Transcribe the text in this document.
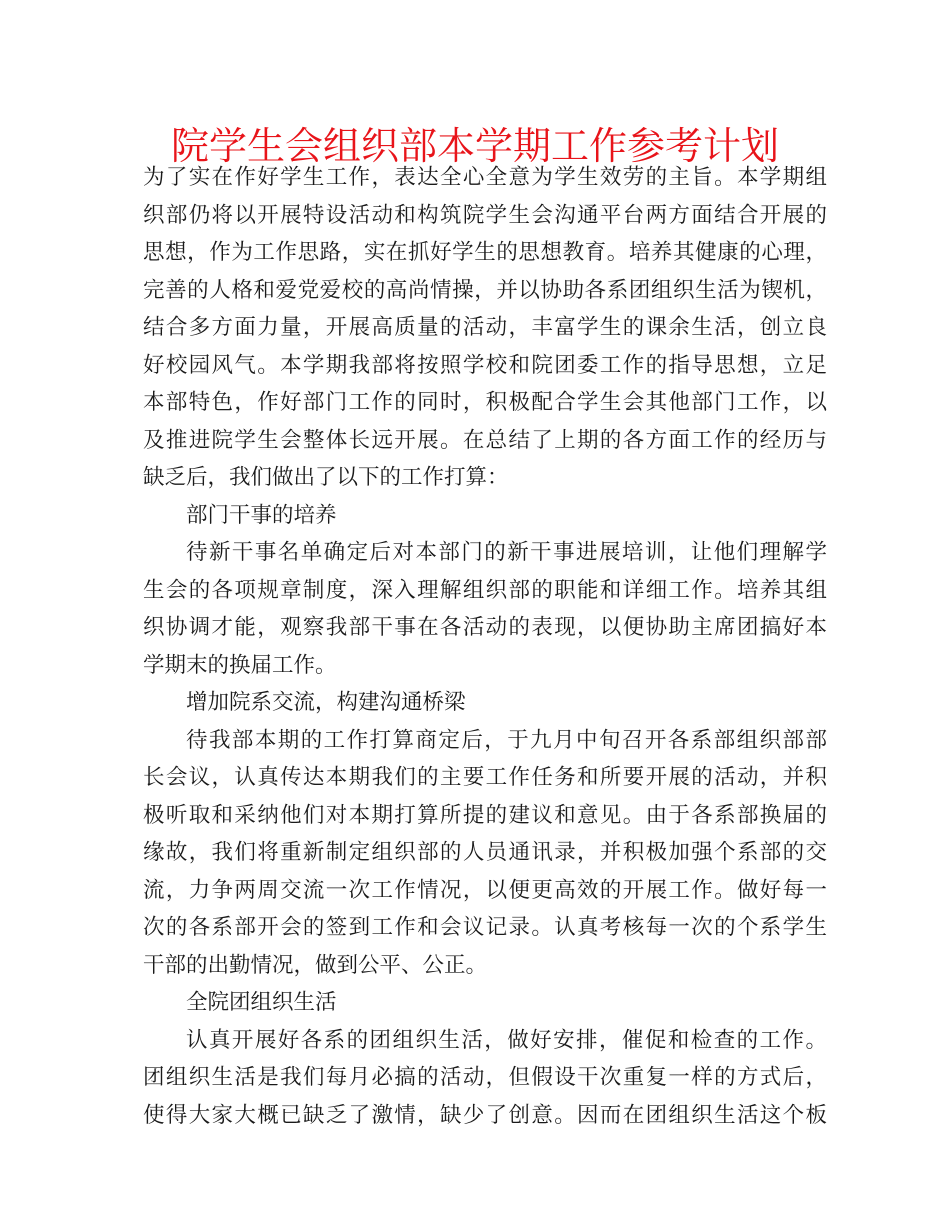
院学生会组织部本学期工作参考计划
为了实在作好学生工作，表达全心全意为学生效劳的主旨。本学期组
织部仍将以开展特设活动和构筑院学生会沟通平台两方面结合开展的
思想，作为工作思路，实在抓好学生的思想教育。培养其健康的心理，
完善的人格和爱党爱校的高尚情操，并以协助各系团组织生活为锲机，
结合多方面力量，开展高质量的活动，丰富学生的课余生活，创立良
好校园风气。本学期我部将按照学校和院团委工作的指导思想，立足
本部特色，作好部门工作的同时，积极配合学生会其他部门工作，以
及推进院学生会整体长远开展。在总结了上期的各方面工作的经历与
缺乏后，我们做出了以下的工作打算：
部门干事的培养
待新干事名单确定后对本部门的新干事进展培训，让他们理解学
生会的各项规章制度，深入理解组织部的职能和详细工作。培养其组
织协调才能，观察我部干事在各活动的表现，以便协助主席团搞好本
学期末的换届工作。
增加院系交流，构建沟通桥梁
待我部本期的工作打算商定后，于九月中旬召开各系部组织部部
长会议，认真传达本期我们的主要工作任务和所要开展的活动，并积
极听取和采纳他们对本期打算所提的建议和意见。由于各系部换届的
缘故，我们将重新制定组织部的人员通讯录，并积极加强个系部的交
流，力争两周交流一次工作情况，以便更高效的开展工作。做好每一
次的各系部开会的签到工作和会议记录。认真考核每一次的个系学生
干部的出勤情况，做到公平、公正。
全院团组织生活
认真开展好各系的团组织生活，做好安排，催促和检查的工作。
团组织生活是我们每月必搞的活动，但假设干次重复一样的方式后，
使得大家大概已缺乏了激情，缺少了创意。因而在团组织生活这个板
